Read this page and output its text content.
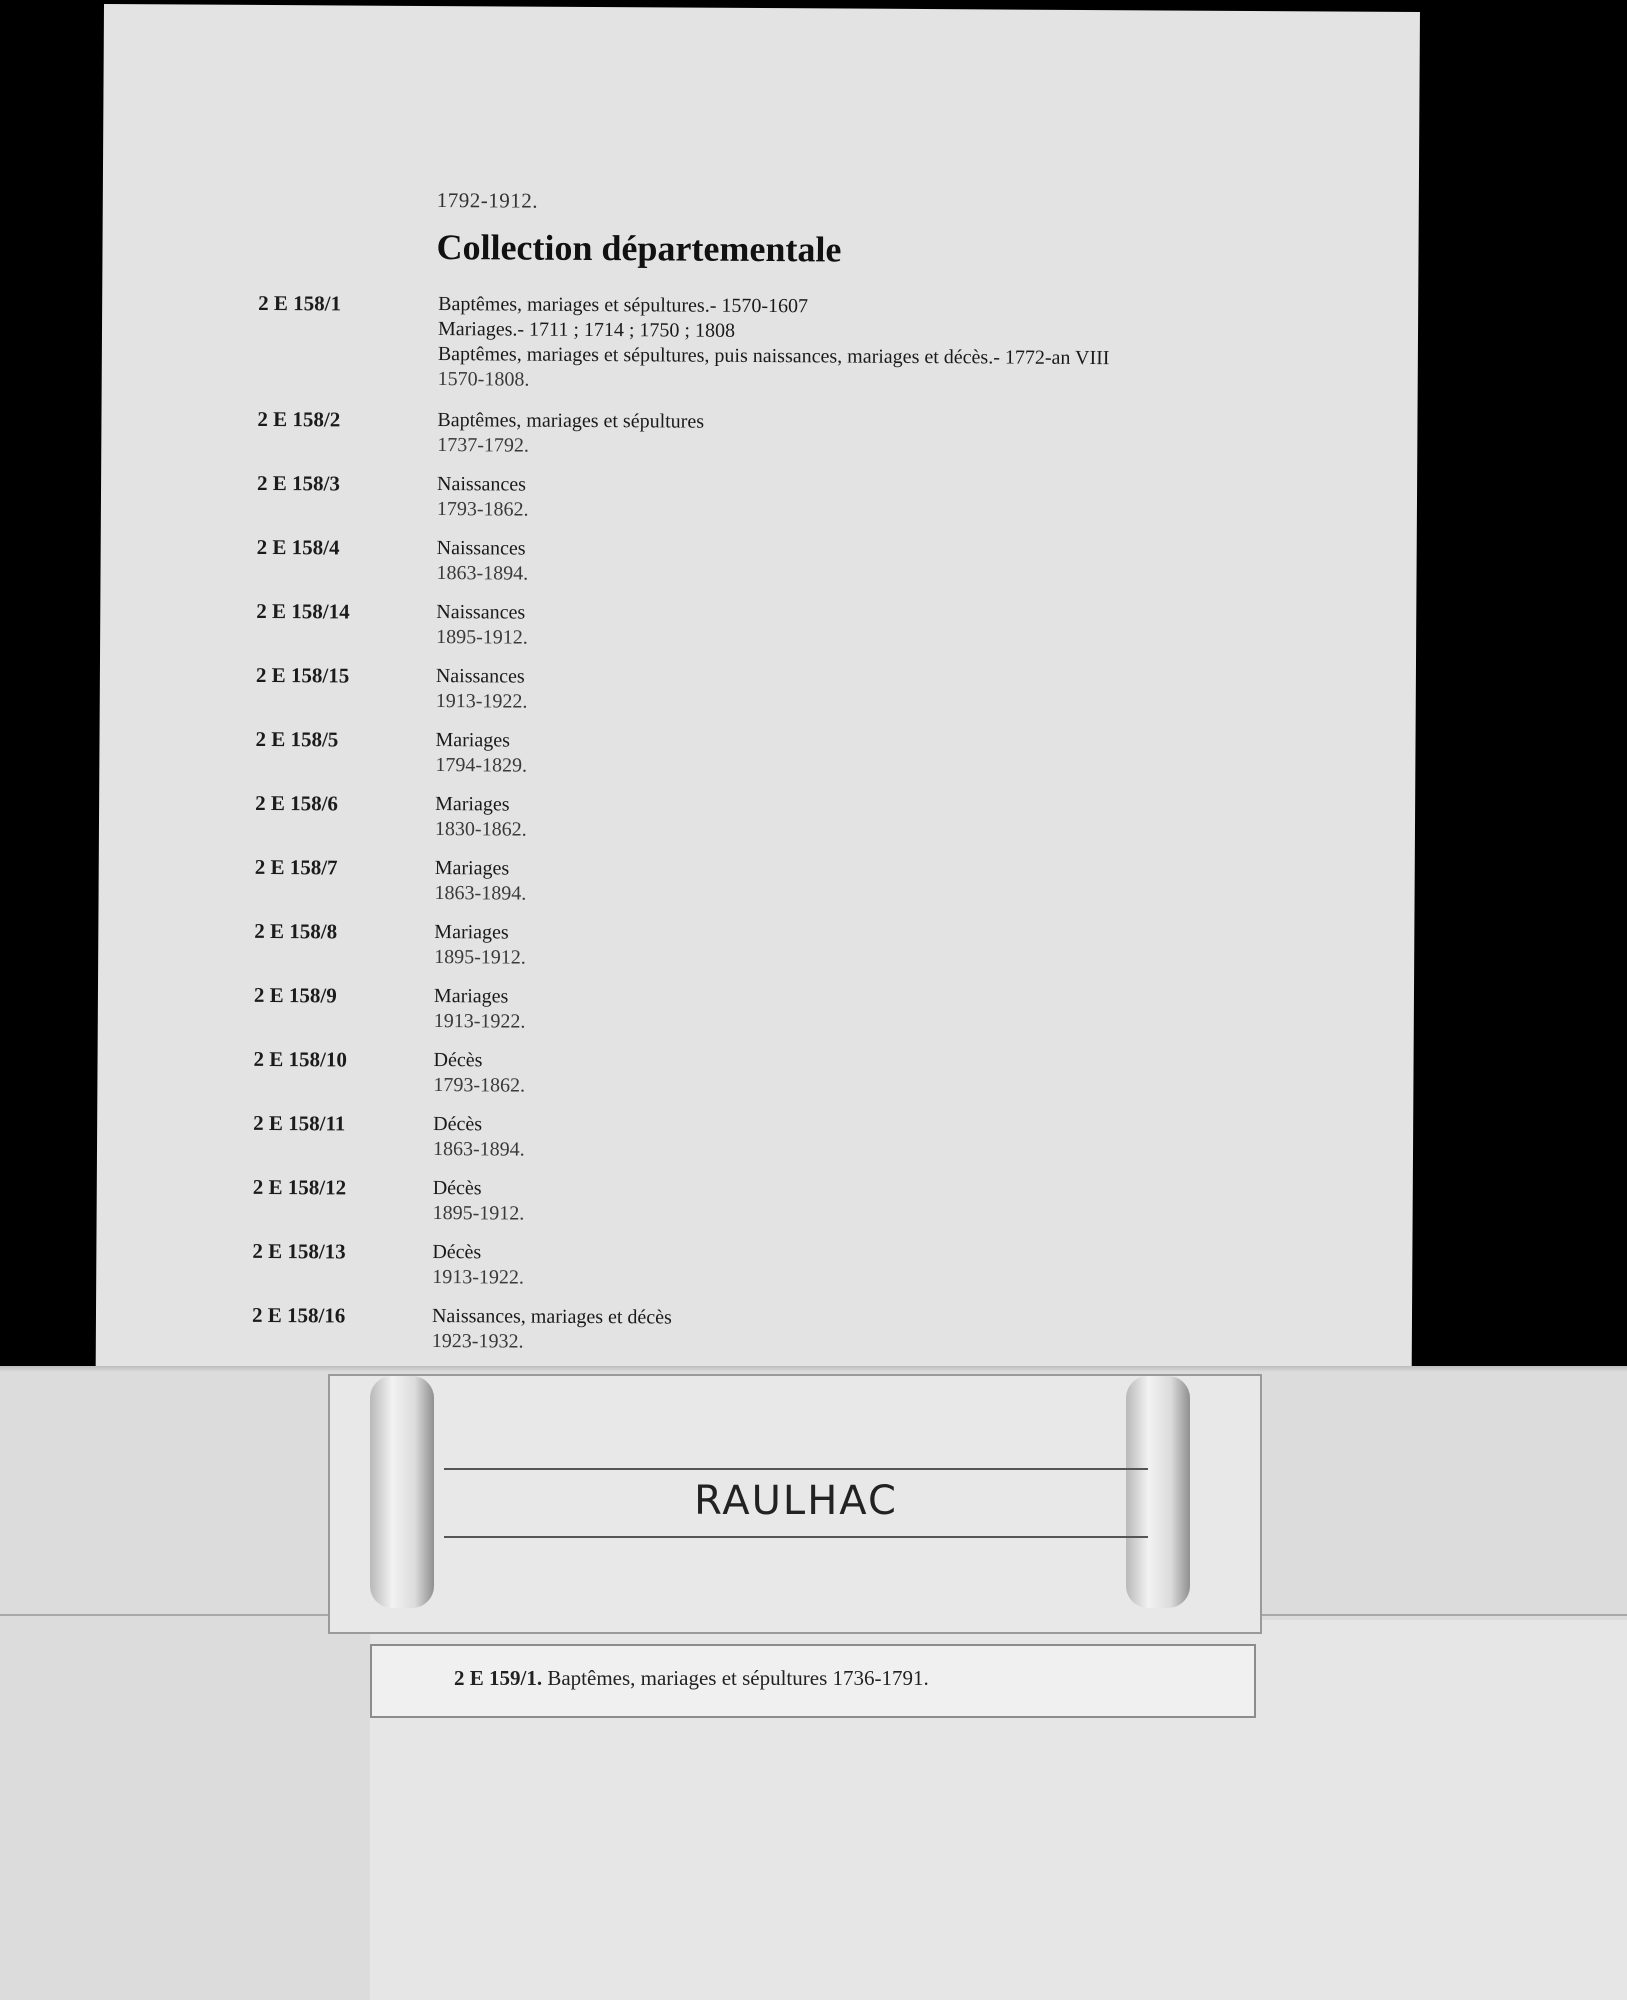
1792-1912.
Collection départementale
2 E 158/1	Baptêmes, mariages et sépultures.- 1570-1607
Mariages.- 1711 ; 1714 ; 1750 ; 1808
Baptêmes, mariages et sépultures, puis naissances, mariages et décès.- 1772-an VIII
1570-1808.
2 E 158/2	Baptêmes, mariages et sépultures
1737-1792.
2 E 158/3	Naissances
1793-1862.
2 E 158/4	Naissances
1863-1894.
2 E 158/14	Naissances
1895-1912.
2 E 158/15	Naissances
1913-1922.
2 E 158/5	Mariages
1794-1829.
2 E 158/6	Mariages
1830-1862.
2 E 158/7	Mariages
1863-1894.
2 E 158/8	Mariages
1895-1912.
2 E 158/9	Mariages
1913-1922.
2 E 158/10	Décès
1793-1862.
2 E 158/11	Décès
1863-1894.
2 E 158/12	Décès
1895-1912.
2 E 158/13	Décès
1913-1922.
2 E 158/16	Naissances, mariages et décès
1923-1932.
RAULHAC
2 E 159/1. Baptêmes, mariages et sépultures 1736-1791.
